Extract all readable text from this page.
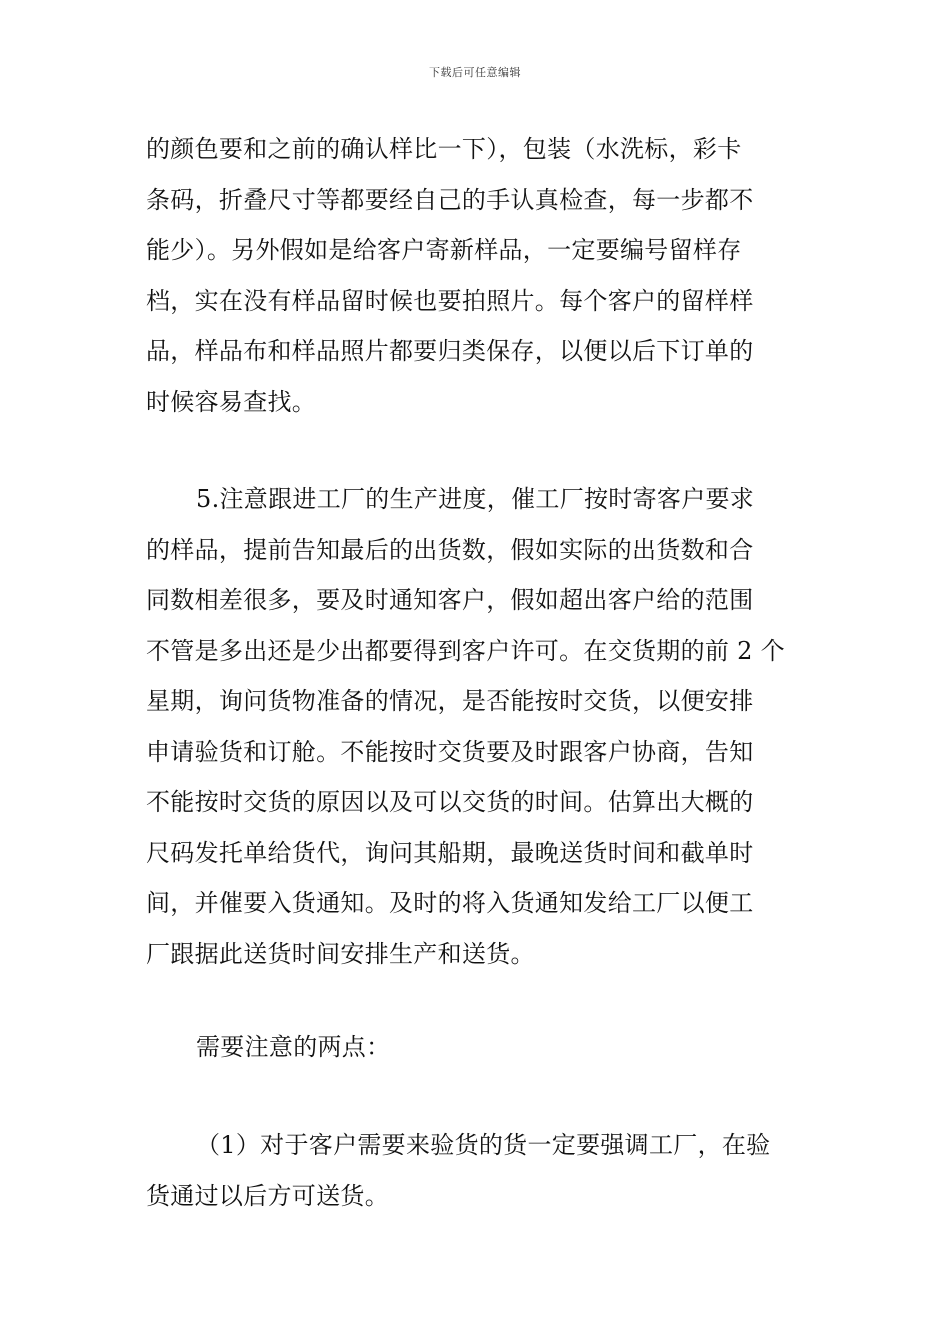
下载后可任意编辑
的颜色要和之前的确认样比一下），包装（水洗标，彩卡
条码，折叠尺寸等都要经自己的手认真检查，每一步都不
能少）。另外假如是给客户寄新样品，一定要编号留样存
档，实在没有样品留时候也要拍照片。每个客户的留样样
品，样品布和样品照片都要归类保存，以便以后下订单的
时候容易查找。
5.注意跟进工厂的生产进度，催工厂按时寄客户要求
的样品，提前告知最后的出货数，假如实际的出货数和合
同数相差很多，要及时通知客户，假如超出客户给的范围
不管是多出还是少出都要得到客户许可。在交货期的前 2 个
星期，询问货物准备的情况，是否能按时交货，以便安排
申请验货和订舱。不能按时交货要及时跟客户协商，告知
不能按时交货的原因以及可以交货的时间。估算出大概的
尺码发托单给货代，询问其船期，最晚送货时间和截单时
间，并催要入货通知。及时的将入货通知发给工厂以便工
厂跟据此送货时间安排生产和送货。
需要注意的两点：
（1）对于客户需要来验货的货一定要强调工厂，在验
货通过以后方可送货。
